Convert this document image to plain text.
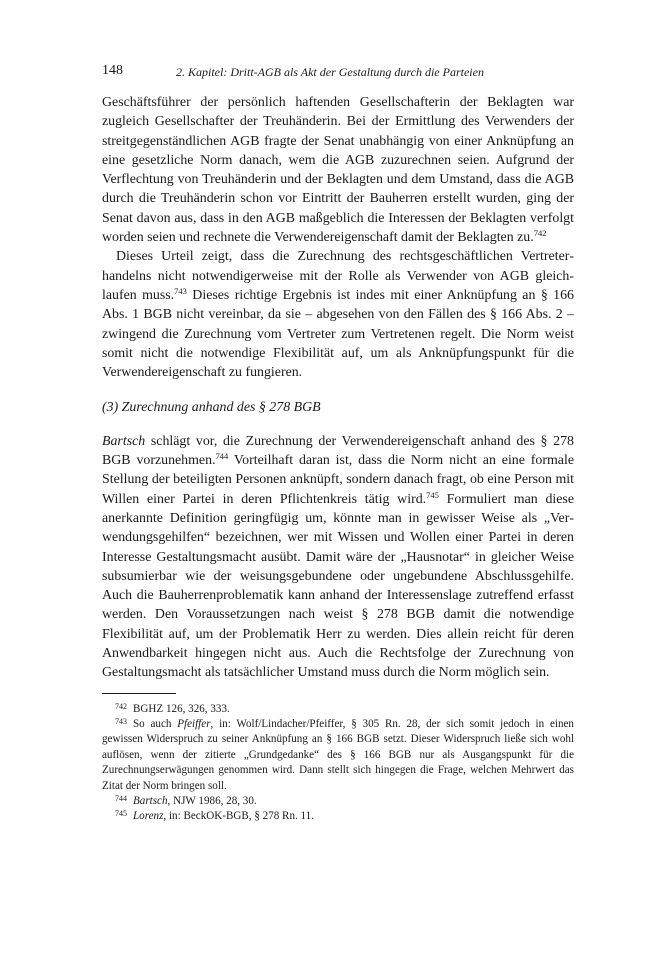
148	2. Kapitel: Dritt-AGB als Akt der Gestaltung durch die Parteien

Geschäftsführer der persönlich haftenden Gesellschafterin der Beklagten war zugleich Gesellschafter der Treuhänderin. Bei der Ermittlung des Verwenders der streitgegenständlichen AGB fragte der Senat unabhängig von einer Anknüpfung an eine gesetzliche Norm danach, wem die AGB zuzurechnen seien. Aufgrund der Verflechtung von Treuhänderin und der Beklagten und dem Umstand, dass die AGB durch die Treuhänderin schon vor Eintritt der Bauherren erstellt wurden, ging der Senat davon aus, dass in den AGB maßgeblich die Interessen der Beklagten verfolgt worden seien und rechnete die Verwendereigenschaft damit der Beklagten zu.$^{742}$

Dieses Urteil zeigt, dass die Zurechnung des rechtsgeschäftlichen Vertreterhandelns nicht notwendigerweise mit der Rolle als Verwender von AGB gleichlaufen muss.$^{743}$ Dieses richtige Ergebnis ist indes mit einer Anknüpfung an § 166 Abs. 1 BGB nicht vereinbar, da sie – abgesehen von den Fällen des § 166 Abs. 2 – zwingend die Zurechnung vom Vertreter zum Vertretenen regelt. Die Norm weist somit nicht die notwendige Flexibilität auf, um als Anknüpfungspunkt für die Verwendereigenschaft zu fungieren.

(3) Zurechnung anhand des § 278 BGB

Bartsch schlägt vor, die Zurechnung der Verwendereigenschaft anhand des § 278 BGB vorzunehmen.$^{744}$ Vorteilhaft daran ist, dass die Norm nicht an eine formale Stellung der beteiligten Personen anknüpft, sondern danach fragt, ob eine Person mit Willen einer Partei in deren Pflichtenkreis tätig wird.$^{745}$ Formuliert man diese anerkannte Definition geringfügig um, könnte man in gewisser Weise als „Verwendungsgehilfen“ bezeichnen, wer mit Wissen und Wollen einer Partei in deren Interesse Gestaltungsmacht ausübt. Damit wäre der „Hausnotar“ in gleicher Weise subsumierbar wie der weisungsgebundene oder ungebundene Abschlussgehilfe. Auch die Bauherrenproblematik kann anhand der Interessenslage zutreffend erfasst werden. Den Voraussetzungen nach weist § 278 BGB damit die notwendige Flexibilität auf, um der Problematik Herr zu werden. Dies allein reicht für deren Anwendbarkeit hingegen nicht aus. Auch die Rechtsfolge der Zurechnung von Gestaltungsmacht als tatsächlicher Umstand muss durch die Norm möglich sein.

$^{742}$ BGHZ 126, 326, 333.

$^{743}$ So auch Pfeiffer, in: Wolf/Lindacher/Pfeiffer, § 305 Rn. 28, der sich somit jedoch in einen gewissen Widerspruch zu seiner Anknüpfung an § 166 BGB setzt. Dieser Widerspruch ließe sich wohl auflösen, wenn der zitierte „Grundgedanke“ des § 166 BGB nur als Ausgangspunkt für die Zurechnungserwägungen genommen wird. Dann stellt sich hingegen die Frage, welchen Mehrwert das Zitat der Norm bringen soll.

$^{744}$ Bartsch, NJW 1986, 28, 30.

$^{745}$ Lorenz, in: BeckOK-BGB, § 278 Rn. 11.
